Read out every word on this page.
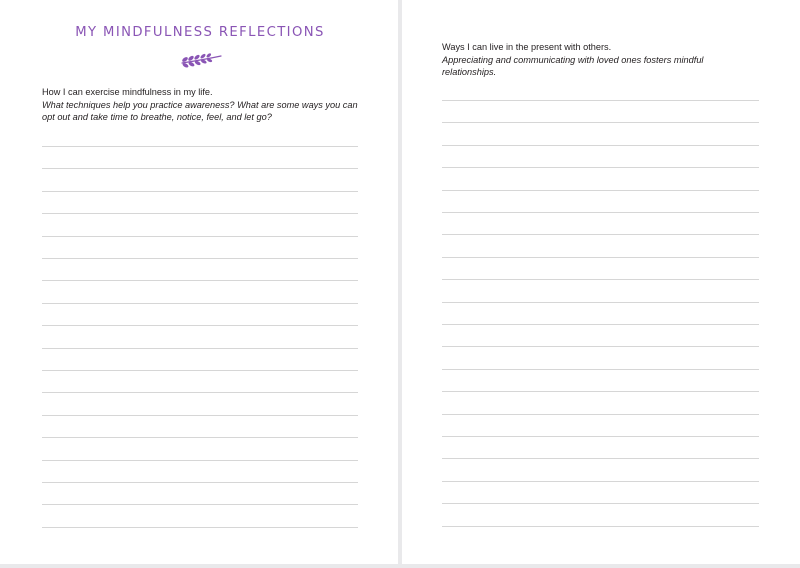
MY MINDFULNESS REFLECTIONS
How I can exercise mindfulness in my life.
What techniques help you practice awareness? What are some ways you can
opt out and take time to breathe, notice, feel, and let go?
Ways I can live in the present with others.
Appreciating and communicating with loved ones fosters mindful
relationships.
